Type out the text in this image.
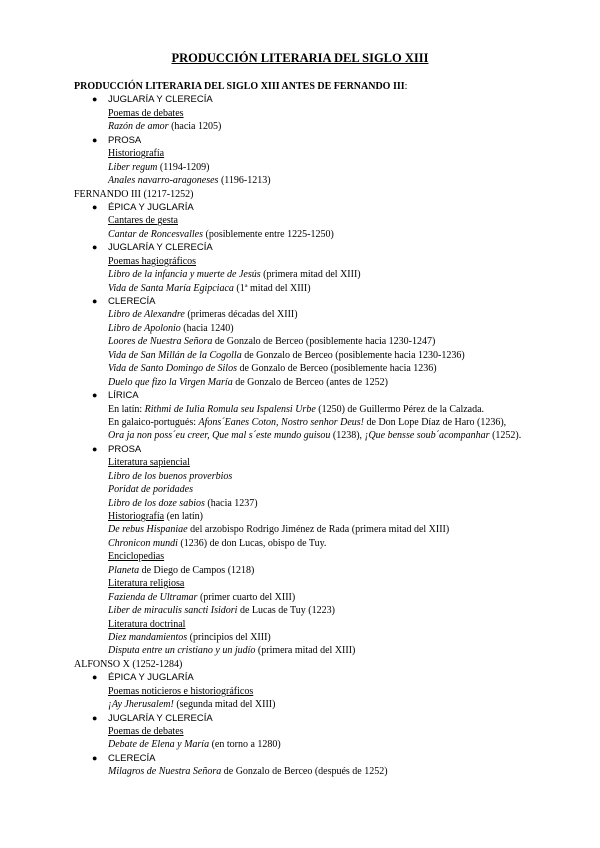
PRODUCCIÓN LITERARIA DEL SIGLO XIII
PRODUCCIÓN LITERARIA DEL SIGLO XIII ANTES DE FERNANDO III:
● JUGLARÍA Y CLERECÍA
Poemas de debates
Razón de amor (hacia 1205)
● PROSA
Historiografía
Liber regum (1194-1209)
Anales navarro-aragoneses (1196-1213)
FERNANDO III (1217-1252)
● ÉPICA Y JUGLARÍA
Cantares de gesta
Cantar de Roncesvalles (posiblemente entre 1225-1250)
● JUGLARÍA Y CLERECÍA
Poemas hagiográficos
Libro de la infancia y muerte de Jesús (primera mitad del XIII)
Vida de Santa María Egipciaca (1ª mitad del XIII)
● CLERECÍA
Libro de Alexandre (primeras décadas del XIII)
Libro de Apolonio (hacia 1240)
Loores de Nuestra Señora de Gonzalo de Berceo (posiblemente hacia 1230-1247)
Vida de San Millán de la Cogolla de Gonzalo de Berceo (posiblemente hacia 1230-1236)
Vida de Santo Domingo de Silos de Gonzalo de Berceo (posiblemente hacia 1236)
Duelo que fizo la Virgen María de Gonzalo de Berceo (antes de 1252)
● LÍRICA
En latín: Rithmi de Iulia Romula seu Ispalensi Urbe (1250) de Guillermo Pérez de la Calzada.
En galaico-portugués: Afons´Eanes Coton, Nostro senhor Deus! de Don Lope Díaz de Haro (1236),
Ora ja non poss´eu creer, Que mal s´este mundo guisou (1238), ¡Que bensse soub´acompanhar (1252).
● PROSA
Literatura sapiencial
Libro de los buenos proverbios
Poridat de poridades
Libro de los doze sabios (hacia 1237)
Historiografía (en latín)
De rebus Hispaniae del arzobispo Rodrigo Jiménez de Rada (primera mitad del XIII)
Chronicon mundi (1236) de don Lucas, obispo de Tuy.
Enciclopedias
Planeta de Diego de Campos (1218)
Literatura religiosa
Fazienda de Ultramar (primer cuarto del XIII)
Liber de miraculis sancti Isidori de Lucas de Tuy (1223)
Literatura doctrinal
Diez mandamientos (principios del XIII)
Disputa entre un cristiano y un judío (primera mitad del XIII)
ALFONSO X (1252-1284)
● ÉPICA Y JUGLARÍA
Poemas noticieros e historiográficos
¡Ay Jherusalem! (segunda mitad del XIII)
● JUGLARÍA Y CLERECÍA
Poemas de debates
Debate de Elena y María (en torno a 1280)
● CLERECÍA
Milagros de Nuestra Señora de Gonzalo de Berceo (después de 1252)
